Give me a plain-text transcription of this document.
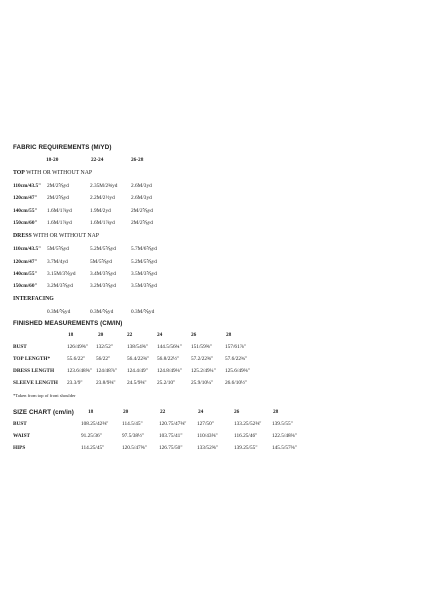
FABRIC REQUIREMENTS (M/YD)
18-20	22-24	26-28
TOP WITH OR WITHOUT NAP
110cm/43.5" 2M/2⅚yd	2.35M/2⅝yd	2.6M/3yd
120cm/47" 2M/2⅚yd	2.2M/2½yd	2.6M/3yd
140cm/55" 1.6M/1⅞yd	1.9M/2yd	2M/2⅚yd
150cm/60" 1.6M/1⅞yd	1.6M/1⅞yd	2M/2⅚yd
DRESS WITH OR WITHOUT NAP
110cm/43.5" 5M/5⅚yd	5.2M/5⅚yd	5.7M/6⅚yd
120cm/47" 3.7M/4yd	5M/5⅚yd	5.2M/5⅚yd
140cm/55" 3.15M/3⅚yd	3.4M/3⅚yd	3.5M/3⅚yd
150cm/60" 3.2M/3⅚yd	3.2M/3⅚yd	3.5M/3⅚yd
INTERFACING
0.3M/⅚yd	0.3M/⅚yd	0.3M/⅚yd
FINISHED MEASUREMENTS (CM/IN)
18	20	22	24	26	28
BUST	126/49⅝" 132/52"	138/54⅝" 144.5/56¾" 151/59⅝" 157/61⅞"
TOP LENGTH*	55.6/22" 56/22"	56.4/22⅜" 56.8/22½" 57.2/22⅝" 57.6/22¾"
DRESS LENGTH 123.6/48⅝" 124/48⅞" 124.4/49" 124.8/49⅛" 125.2/49¼" 125.6/49⅜"
SLEEVE LENGTH 23.3/9"	23.8/9⅜" 24.5/9⅝" 25.2/10"	25.9/10¼" 26.6/10½"
*Taken from top of front shoulder
SIZE CHART (cm/in)	18	20	22	24	26	28
BUST	108.25/42⅝"	114.5/45"	120.75/47⅝" 127/50"	133.25/52⅝" 139.5/55"
WAIST	91.25/36"	97.5/38½"	103.75/41"	110/43⅝"	116.25/46"	122.5/48⅜"
HIPS	114.25/45"	120.5/47⅝" 126.75/50"	133/52⅝"	139.25/55"	145.5/57⅜"
